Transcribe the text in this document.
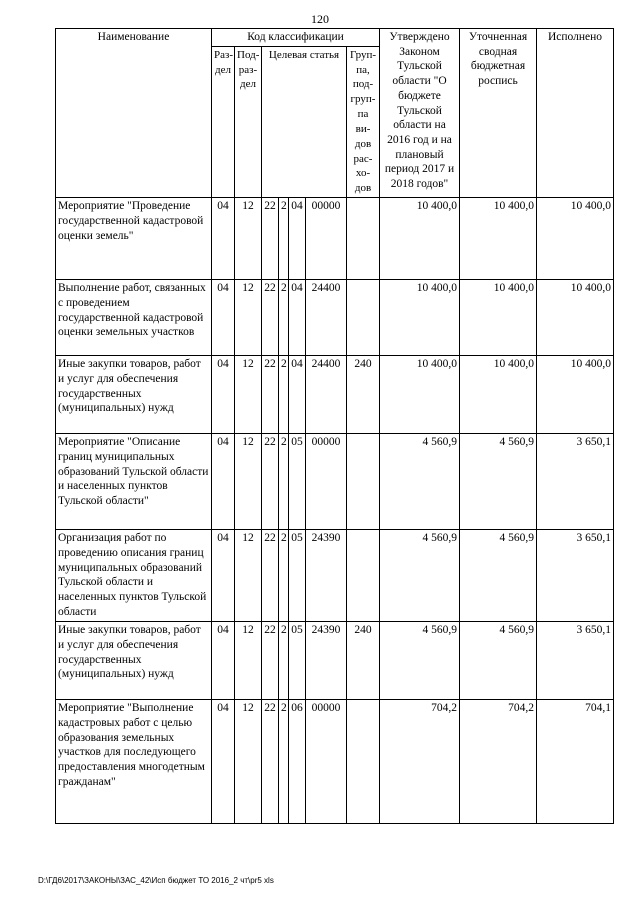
120
Наименование	Код классификации							Утверждено Законом Тульской области "О бюджете Тульской области на 2016 год и на плановый период 2017 и 2018 годов"	Уточненная сводная бюджетная роспись	Исполнено
	Раз-дел	Под-раз-дел	Целевая статья				Груп-па, под-груп-па ви-дов рас-хо-дов			
Мероприятие "Проведение государственной кадастровой оценки земель"	04	12	22	2	04	00000		10 400,0	10 400,0	10 400,0
Выполнение работ, связанных с проведением государственной кадастровой оценки земельных участков	04	12	22	2	04	24400		10 400,0	10 400,0	10 400,0
Иные закупки товаров, работ и услуг для обеспечения государственных (муниципальных) нужд	04	12	22	2	04	24400	240	10 400,0	10 400,0	10 400,0
Мероприятие "Описание границ муниципальных образований Тульской области и населенных пунктов Тульской области"	04	12	22	2	05	00000		4 560,9	4 560,9	3 650,1
Организация работ по проведению описания границ муниципальных образований Тульской области и населенных пунктов Тульской области	04	12	22	2	05	24390		4 560,9	4 560,9	3 650,1
Иные закупки товаров, работ и услуг для обеспечения государственных (муниципальных) нужд	04	12	22	2	05	24390	240	4 560,9	4 560,9	3 650,1
Мероприятие "Выполнение кадастровых работ с целью образования земельных участков для последующего предоставления многодетным гражданам"	04	12	22	2	06	00000		704,2	704,2	704,1
D:\ГД6\2017\ЗАКОНЫ\ЗАС_42\Исп бюджет ТО 2016_2 чт\pr5 xls
